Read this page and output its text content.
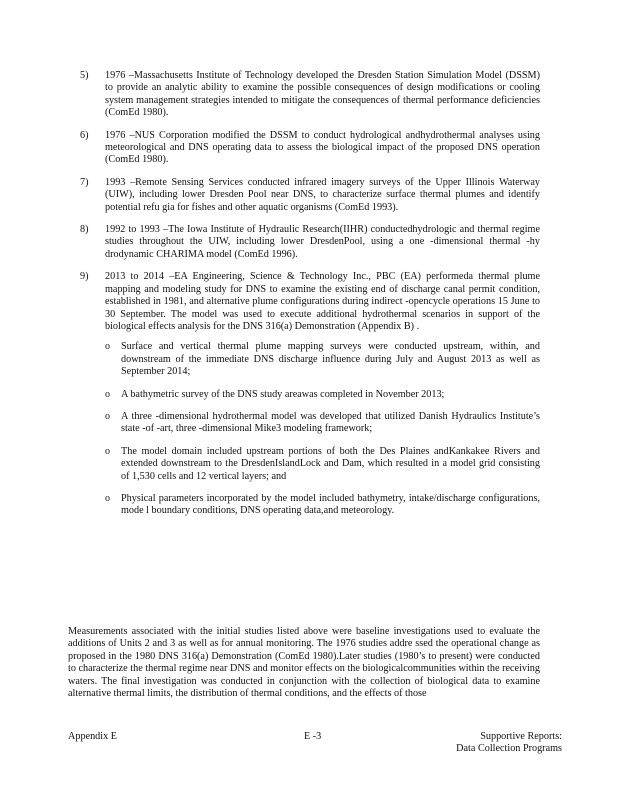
5) 1976 –Massachusetts Institute of Technology developed the Dresden Station Simulation Model (DSSM) to provide an analytic ability to examine the possible consequences of design modifications or cooling system management strategies intended to mitigate the consequences of thermal performance deficiencies (ComEd 1980).
6) 1976 –NUS Corporation modified the DSSM to conduct hydrological andhydrothermal analyses using meteorological and DNS operating data to assess the biological impact of the proposed DNS operation (ComEd 1980).
7) 1993 –Remote Sensing Services conducted infrared imagery surveys of the Upper Illinois Waterway (UIW), including lower Dresden Pool near DNS, to characterize surface thermal plumes and identify potential refu gia for fishes and other aquatic organisms (ComEd 1993).
8) 1992 to 1993 –The Iowa Institute of Hydraulic Research(IIHR) conductedhydrologic and thermal regime studies throughout the UIW, including lower DresdenPool, using a one -dimensional thermal -hy drodynamic CHARIMA model (ComEd 1996).
9) 2013 to 2014 –EA Engineering, Science & Technology Inc., PBC (EA) performeda thermal plume mapping and modeling study for DNS to examine the existing end of discharge canal permit condition, established in 1981, and alternative plume configurations during indirect -opencycle operations 15 June to 30 September. The model was used to execute additional hydrothermal scenarios in support of the biological effects analysis for the DNS 316(a) Demonstration (Appendix B) .
o Surface and vertical thermal plume mapping surveys were conducted upstream, within, and downstream of the immediate DNS discharge influence during July and August 2013 as well as September 2014;
o A bathymetric survey of the DNS study areawas completed in November 2013;
o A three -dimensional hydrothermal model was developed that utilized Danish Hydraulics Institute’s state -of -art, three -dimensional Mike3 modeling framework;
o The model domain included upstream portions of both the Des Plaines andKankakee Rivers and extended downstream to the DresdenIslandLock and Dam, which resulted in a model grid consisting of 1,530 cells and 12 vertical layers; and
o Physical parameters incorporated by the model included bathymetry, intake/discharge configurations, mode l boundary conditions, DNS operating data,and meteorology.

Measurements associated with the initial studies listed above were baseline investigations used to evaluate the additions of Units 2 and 3 as well as for annual monitoring. The 1976 studies addre ssed the operational change as proposed in the 1980 DNS 316(a) Demonstration (ComEd 1980).Later studies (1980’s to present) were conducted to characterize the thermal regime near DNS and monitor effects on the biologicalcommunities within the receiving waters. The final investigation was conducted in conjunction with the collection of biological data to examine alternative thermal limits, the distribution of thermal conditions, and the effects of those

Appendix E	E -3	Supportive Reports:
Data Collection Programs
